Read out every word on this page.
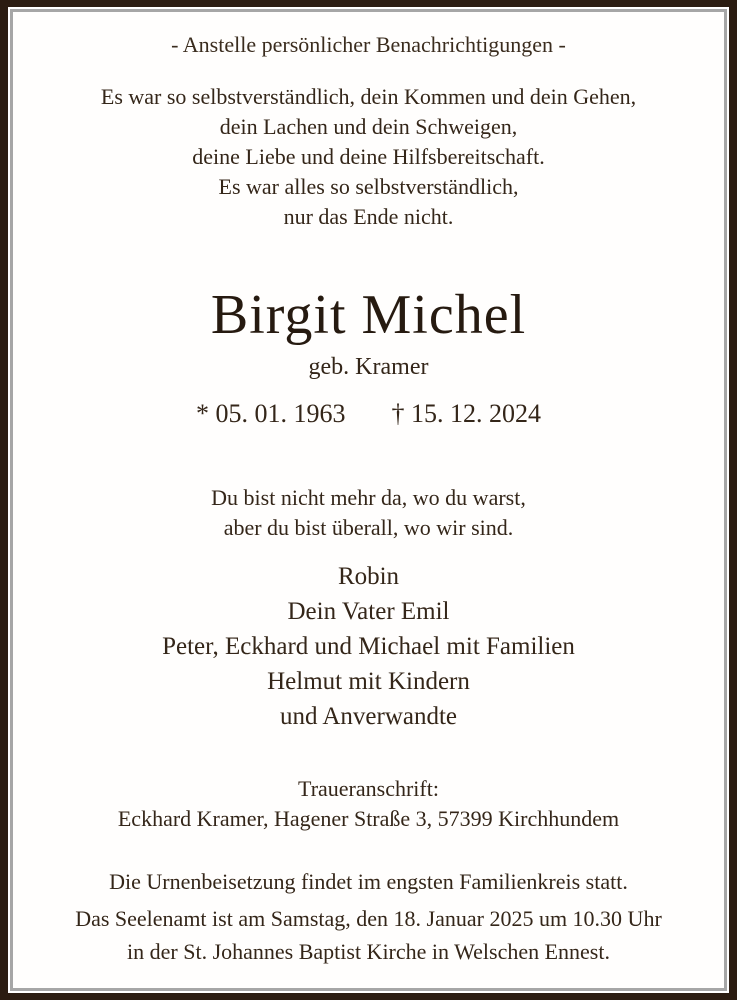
- Anstelle persönlicher Benachrichtigungen -
Es war so selbstverständlich, dein Kommen und dein Gehen,
dein Lachen und dein Schweigen,
deine Liebe und deine Hilfsbereitschaft.
Es war alles so selbstverständlich,
nur das Ende nicht.
Birgit Michel
geb. Kramer
* 05. 01. 1963 † 15. 12. 2024
Du bist nicht mehr da, wo du warst,
aber du bist überall, wo wir sind.
Robin
Dein Vater Emil
Peter, Eckhard und Michael mit Familien
Helmut mit Kindern
und Anverwandte
Traueranschrift:
Eckhard Kramer, Hagener Straße 3, 57399 Kirchhundem
Die Urnenbeisetzung findet im engsten Familienkreis statt.
Das Seelenamt ist am Samstag, den 18. Januar 2025 um 10.30 Uhr
in der St. Johannes Baptist Kirche in Welschen Ennest.
